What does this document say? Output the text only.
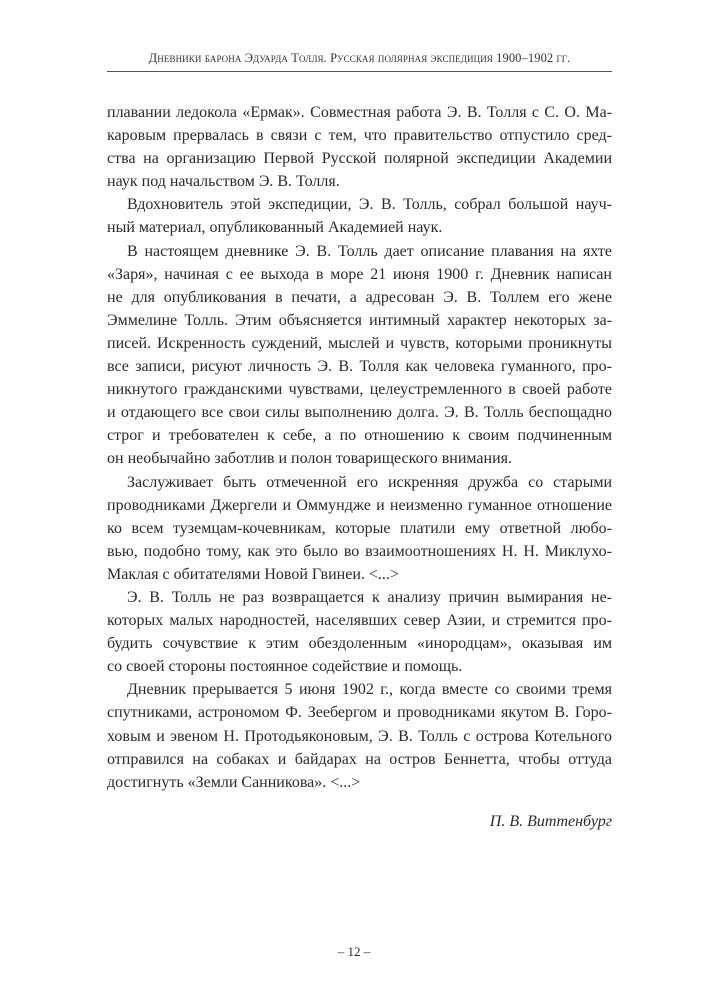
Дневники барона Эдуарда Толля. Русская полярная экспедиция 1900–1902 гг.
плавании ледокола «Ермак». Совместная работа Э. В. Толля с С. О. Ма-
каровым прервалась в связи с тем, что правительство отпустило сред-
ства на организацию Первой Русской полярной экспедиции Академии
наук под начальством Э. В. Толля.
Вдохновитель этой экспедиции, Э. В. Толль, собрал большой науч-
ный материал, опубликованный Академией наук.
В настоящем дневнике Э. В. Толль дает описание плавания на яхте
«Заря», начиная с ее выхода в море 21 июня 1900 г. Дневник написан
не для опубликования в печати, а адресован Э. В. Толлем его жене
Эммелине Толль. Этим объясняется интимный характер некоторых за-
писей. Искренность суждений, мыслей и чувств, которыми проникнуты
все записи, рисуют личность Э. В. Толля как человека гуманного, про-
никнутого гражданскими чувствами, целеустремленного в своей работе
и отдающего все свои силы выполнению долга. Э. В. Толль беспощадно
строг и требователен к себе, а по отношению к своим подчиненным
он необычайно заботлив и полон товарищеского внимания.
Заслуживает быть отмеченной его искренняя дружба со старыми
проводниками Джергели и Оммундже и неизменно гуманное отношение
ко всем туземцам-кочевникам, которые платили ему ответной любо-
вью, подобно тому, как это было во взаимоотношениях Н. Н. Миклухо-
Маклая с обитателями Новой Гвинеи. <...>
Э. В. Толль не раз возвращается к анализу причин вымирания не-
которых малых народностей, населявших север Азии, и стремится про-
будить сочувствие к этим обездоленным «инородцам», оказывая им
со своей стороны постоянное содействие и помощь.
Дневник прерывается 5 июня 1902 г., когда вместе со своими тремя
спутниками, астрономом Ф. Зеебергом и проводниками якутом В. Горо-
ховым и эвеном Н. Протодьяконовым, Э. В. Толль с острова Котельного
отправился на собаках и байдарах на остров Беннетта, чтобы оттуда
достигнуть «Земли Санникова». <...>
П. В. Виттенбург
– 12 –
